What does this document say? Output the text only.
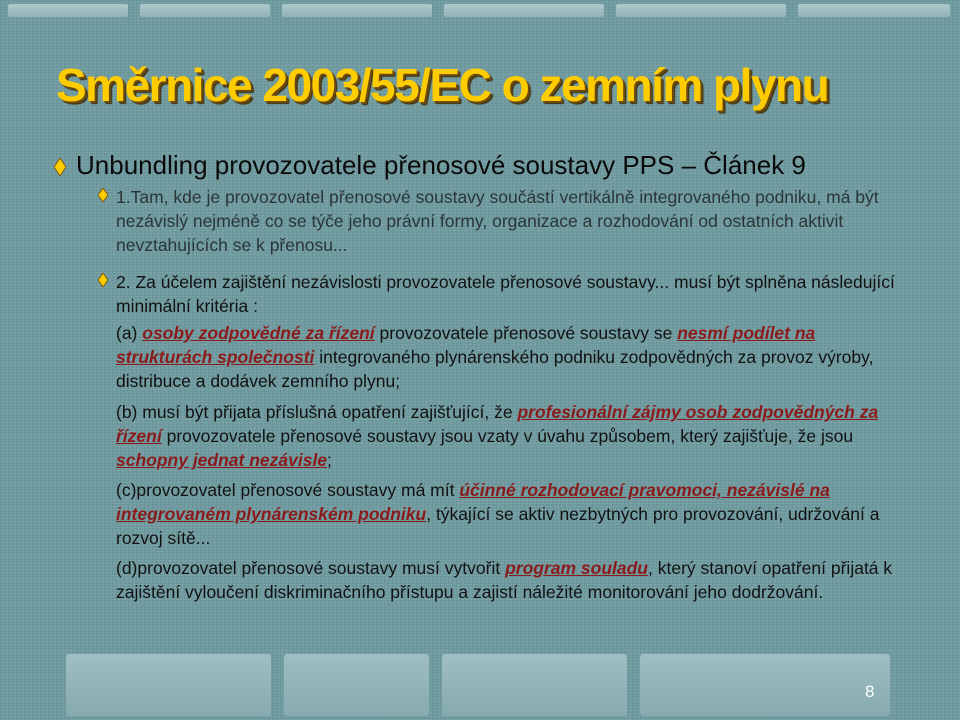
Směrnice 2003/55/EC o zemním plynu
Unbundling provozovatele přenosové soustavy PPS – Článek 9

1.Tam, kde je provozovatel přenosové soustavy součástí vertikálně integrovaného podniku, má být nezávislý nejméně co se týče jeho právní formy, organizace a rozhodování od ostatních aktivit nevztahujících se k přenosu...

2. Za účelem zajištění nezávislosti provozovatele přenosové soustavy... musí být splněna následující minimální kritéria :

(a) osoby zodpovědné za řízení provozovatele přenosové soustavy se nesmí podílet na strukturách společnosti integrovaného plynárenského podniku zodpovědných za provoz výroby, distribuce a dodávek zemního plynu;

(b) musí být přijata příslušná opatření zajišťující, že profesionální zájmy osob zodpovědných za řízení provozovatele přenosové soustavy jsou vzaty v úvahu způsobem, který zajišťuje, že jsou schopny jednat nezávisle;

(c)provozovatel přenosové soustavy má mít účinné rozhodovací pravomoci, nezávislé na integrovaném plynárenském podniku, týkající se aktiv nezbytných pro provozování, udržování a rozvoj sítě...

(d)provozovatel přenosové soustavy musí vytvořit program souladu, který stanoví opatření přijatá k zajištění vyloučení diskriminačního přístupu a zajistí náležité monitorování jeho dodržování.

8
